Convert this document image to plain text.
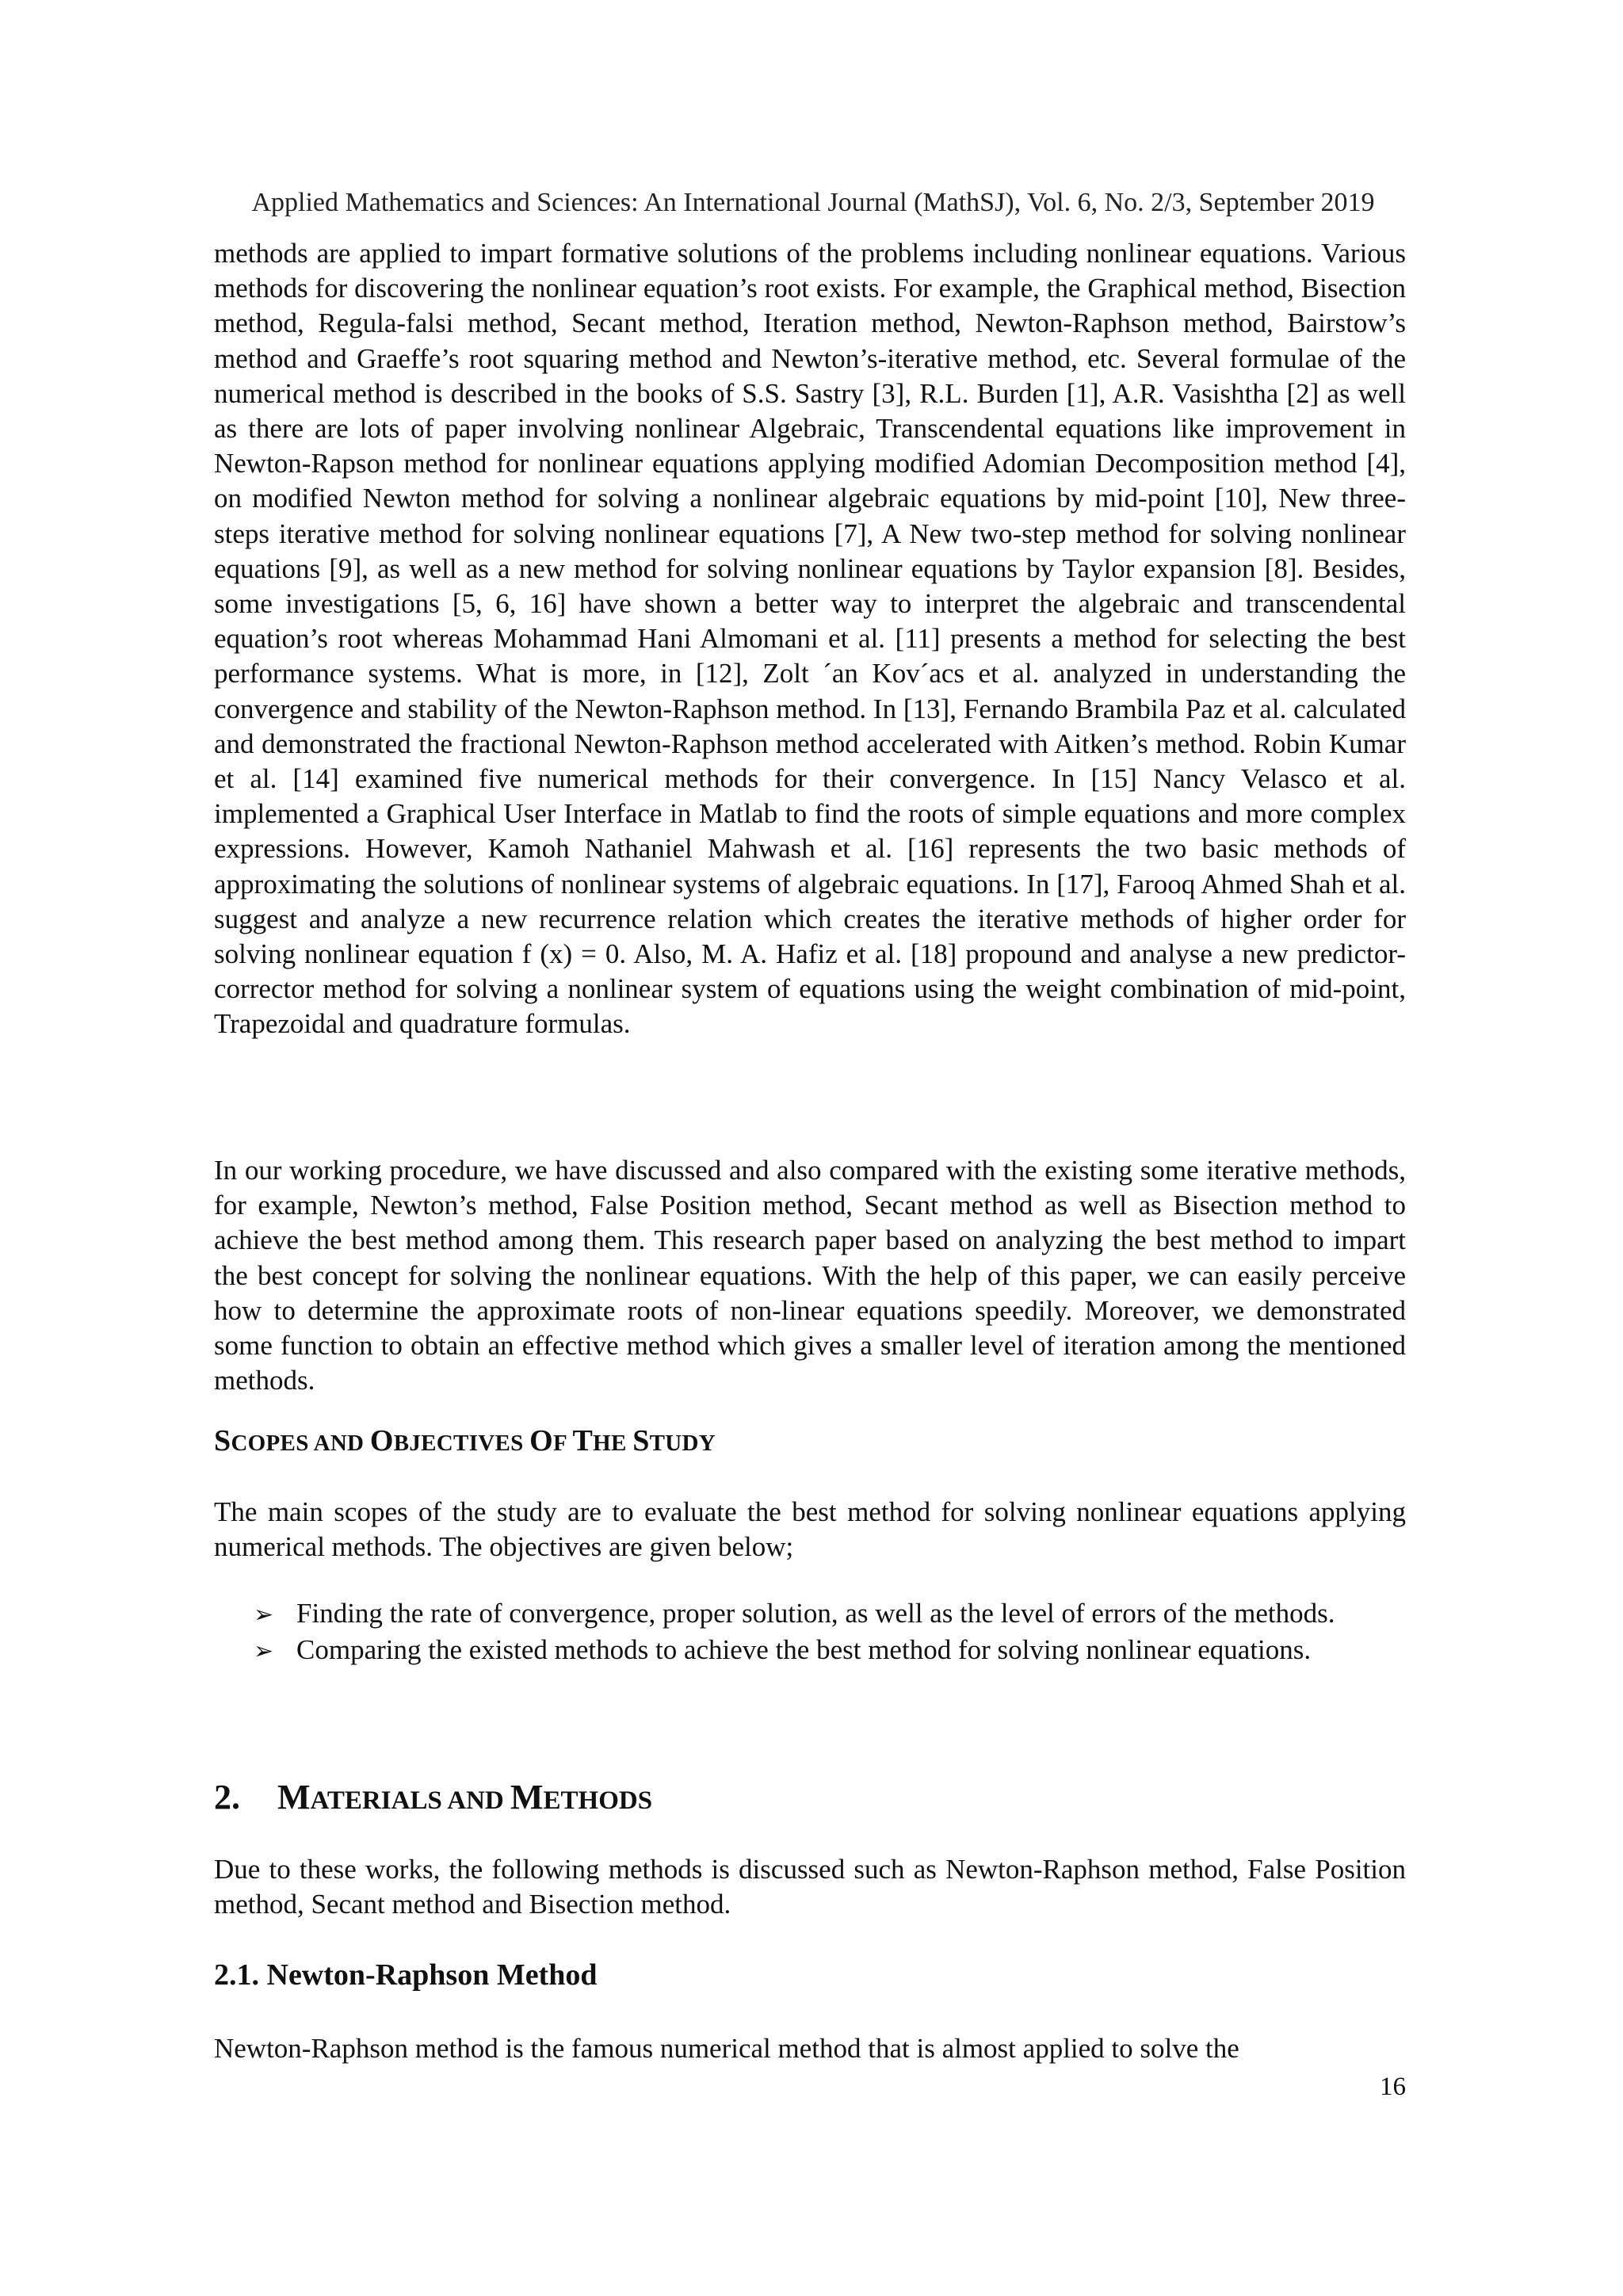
Applied Mathematics and Sciences: An International Journal (MathSJ), Vol. 6, No. 2/3, September 2019

methods are applied to impart formative solutions of the problems including nonlinear equations. Various methods for discovering the nonlinear equation’s root exists. For example, the Graphical method, Bisection method, Regula-falsi method, Secant method, Iteration method, Newton-Raphson method, Bairstow’s method and Graeffe’s root squaring method and Newton’s-iterative method, etc. Several formulae of the numerical method is described in the books of S.S. Sastry [3], R.L. Burden [1], A.R. Vasishtha [2] as well as there are lots of paper involving nonlinear Algebraic, Transcendental equations like improvement in Newton-Rapson method for nonlinear equations applying modified Adomian Decomposition method [4], on modified Newton method for solving a nonlinear algebraic equations by mid-point [10], New three-steps iterative method for solving nonlinear equations [7], A New two-step method for solving nonlinear equations [9], as well as a new method for solving nonlinear equations by Taylor expansion [8]. Besides, some investigations [5, 6, 16] have shown a better way to interpret the algebraic and transcendental equation’s root whereas Mohammad Hani Almomani et al. [11] presents a method for selecting the best performance systems. What is more, in [12], Zolt ´an Kov´acs et al. analyzed in understanding the convergence and stability of the Newton-Raphson method. In [13], Fernando Brambila Paz et al. calculated and demonstrated the fractional Newton-Raphson method accelerated with Aitken’s method. Robin Kumar et al. [14] examined five numerical methods for their convergence. In [15] Nancy Velasco et al. implemented a Graphical User Interface in Matlab to find the roots of simple equations and more complex expressions. However, Kamoh Nathaniel Mahwash et al. [16] represents the two basic methods of approximating the solutions of nonlinear systems of algebraic equations. In [17], Farooq Ahmed Shah et al. suggest and analyze a new recurrence relation which creates the iterative methods of higher order for solving nonlinear equation f (x) = 0. Also, M. A. Hafiz et al. [18] propound and analyse a new predictor-corrector method for solving a nonlinear system of equations using the weight combination of mid-point, Trapezoidal and quadrature formulas.

In our working procedure, we have discussed and also compared with the existing some iterative methods, for example, Newton’s method, False Position method, Secant method as well as Bisection method to achieve the best method among them. This research paper based on analyzing the best method to impart the best concept for solving the nonlinear equations. With the help of this paper, we can easily perceive how to determine the approximate roots of non-linear equations speedily. Moreover, we demonstrated some function to obtain an effective method which gives a smaller level of iteration among the mentioned methods.

SCOPES AND OBJECTIVES OF THE STUDY

The main scopes of the study are to evaluate the best method for solving nonlinear equations applying numerical methods. The objectives are given below;

➢ Finding the rate of convergence, proper solution, as well as the level of errors of the methods.
➢ Comparing the existed methods to achieve the best method for solving nonlinear equations.
2. MATERIALS AND METHODS

Due to these works, the following methods is discussed such as Newton-Raphson method, False Position method, Secant method and Bisection method.

2.1. Newton-Raphson Method

Newton-Raphson method is the famous numerical method that is almost applied to solve the

16
